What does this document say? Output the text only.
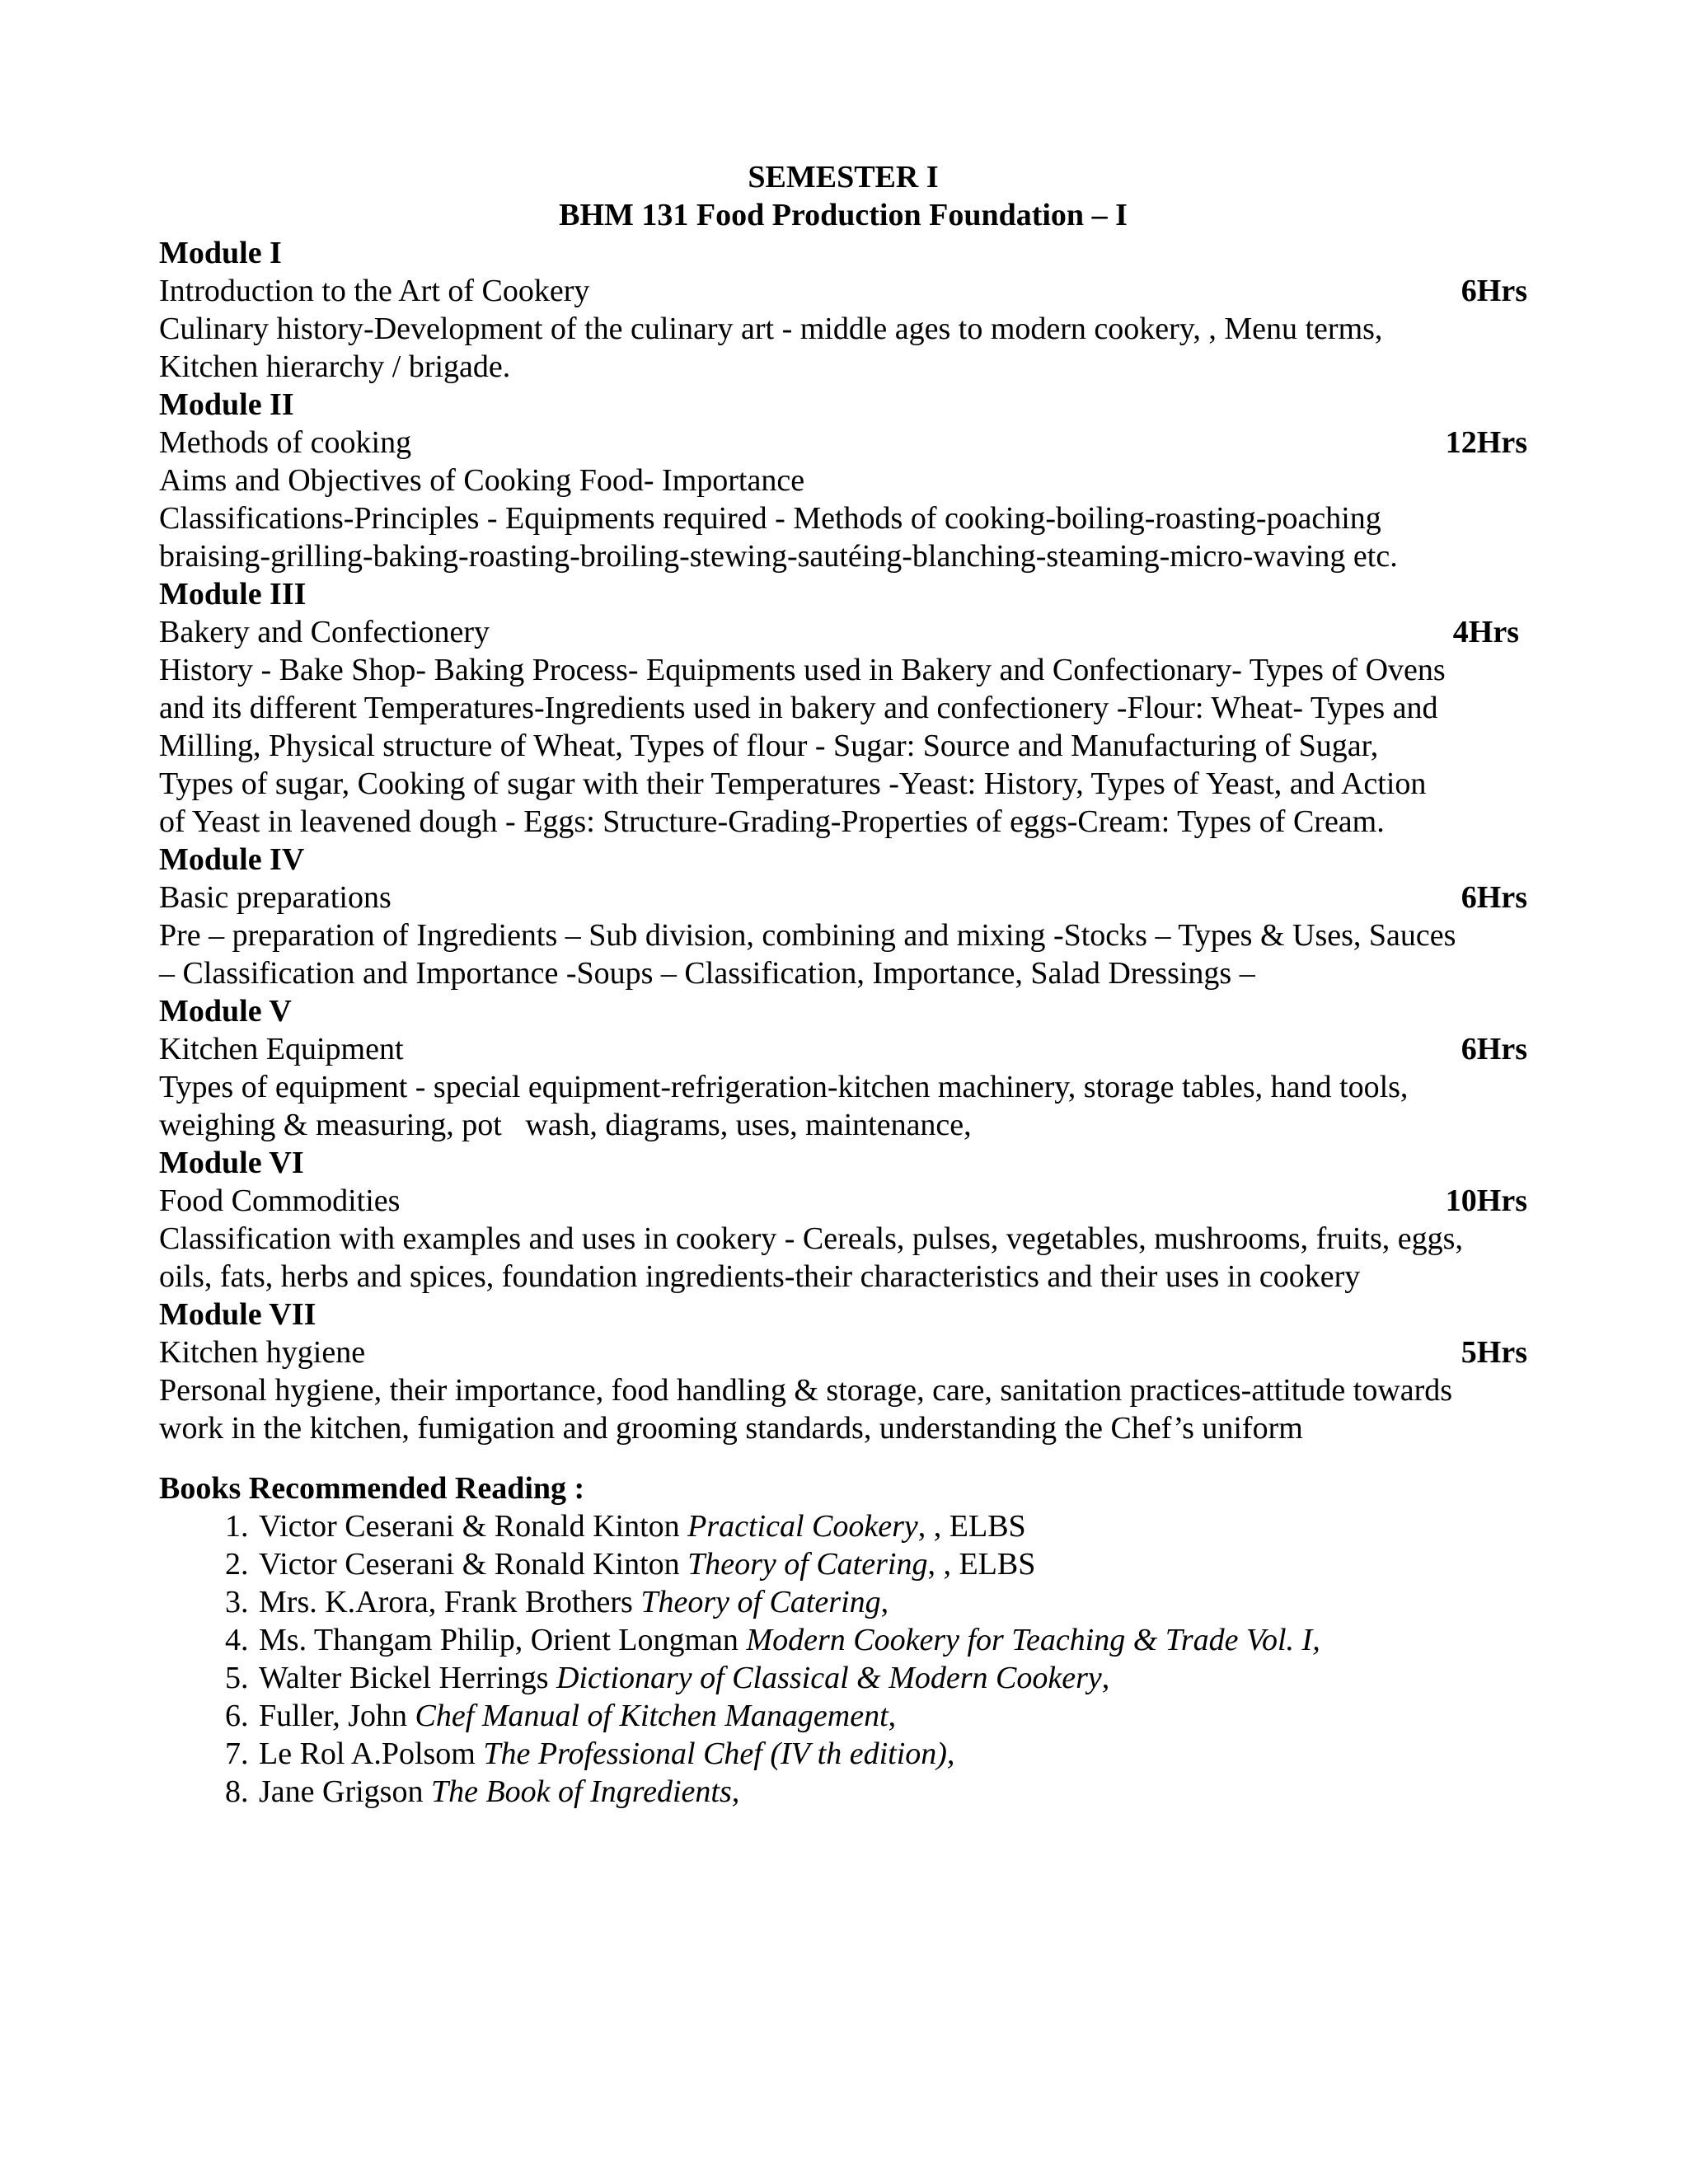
SEMESTER I
BHM 131 Food Production Foundation – I
Module I
Introduction to the Art of Cookery	6Hrs

Culinary history-Development of the culinary art - middle ages to modern cookery, , Menu terms,

Kitchen hierarchy / brigade.

Module II
Methods of cooking	12Hrs

Aims and Objectives of Cooking Food- Importance

Classifications-Principles - Equipments required - Methods of cooking-boiling-roasting-poaching

braising-grilling-baking-roasting-broiling-stewing-sautéing-blanching-steaming-micro-waving etc.

Module III
Bakery and Confectionery	4Hrs

History - Bake Shop- Baking Process- Equipments used in Bakery and Confectionary- Types of Ovens

and its different Temperatures-Ingredients used in bakery and confectionery -Flour: Wheat- Types and

Milling, Physical structure of Wheat, Types of flour - Sugar: Source and Manufacturing of Sugar,

Types of sugar, Cooking of sugar with their Temperatures -Yeast: History, Types of Yeast, and Action

of Yeast in leavened dough - Eggs: Structure-Grading-Properties of eggs-Cream: Types of Cream.

Module IV
Basic preparations	6Hrs

Pre – preparation of Ingredients – Sub division, combining and mixing -Stocks – Types & Uses, Sauces

– Classification and Importance -Soups – Classification, Importance, Salad Dressings –

Module V
Kitchen Equipment	6Hrs

Types of equipment - special equipment-refrigeration-kitchen machinery, storage tables, hand tools,

weighing & measuring, pot   wash, diagrams, uses, maintenance,

Module VI
Food Commodities	10Hrs

Classification with examples and uses in cookery - Cereals, pulses, vegetables, mushrooms, fruits, eggs,

oils, fats, herbs and spices, foundation ingredients-their characteristics and their uses in cookery

Module VII
Kitchen hygiene	5Hrs

Personal hygiene, their importance, food handling & storage, care, sanitation practices-attitude towards

work in the kitchen, fumigation and grooming standards, understanding the Chef’s uniform

Books Recommended Reading :
1. Victor Ceserani & Ronald Kinton Practical Cookery, , ELBS
2. Victor Ceserani & Ronald Kinton Theory of Catering, , ELBS
3. Mrs. K.Arora, Frank Brothers Theory of Catering,
4. Ms. Thangam Philip, Orient Longman Modern Cookery for Teaching & Trade Vol. I,
5. Walter Bickel Herrings Dictionary of Classical & Modern Cookery,
6. Fuller, John Chef Manual of Kitchen Management,
7. Le Rol A.Polsom The Professional Chef (IV th edition),
8. Jane Grigson The Book of Ingredients,
